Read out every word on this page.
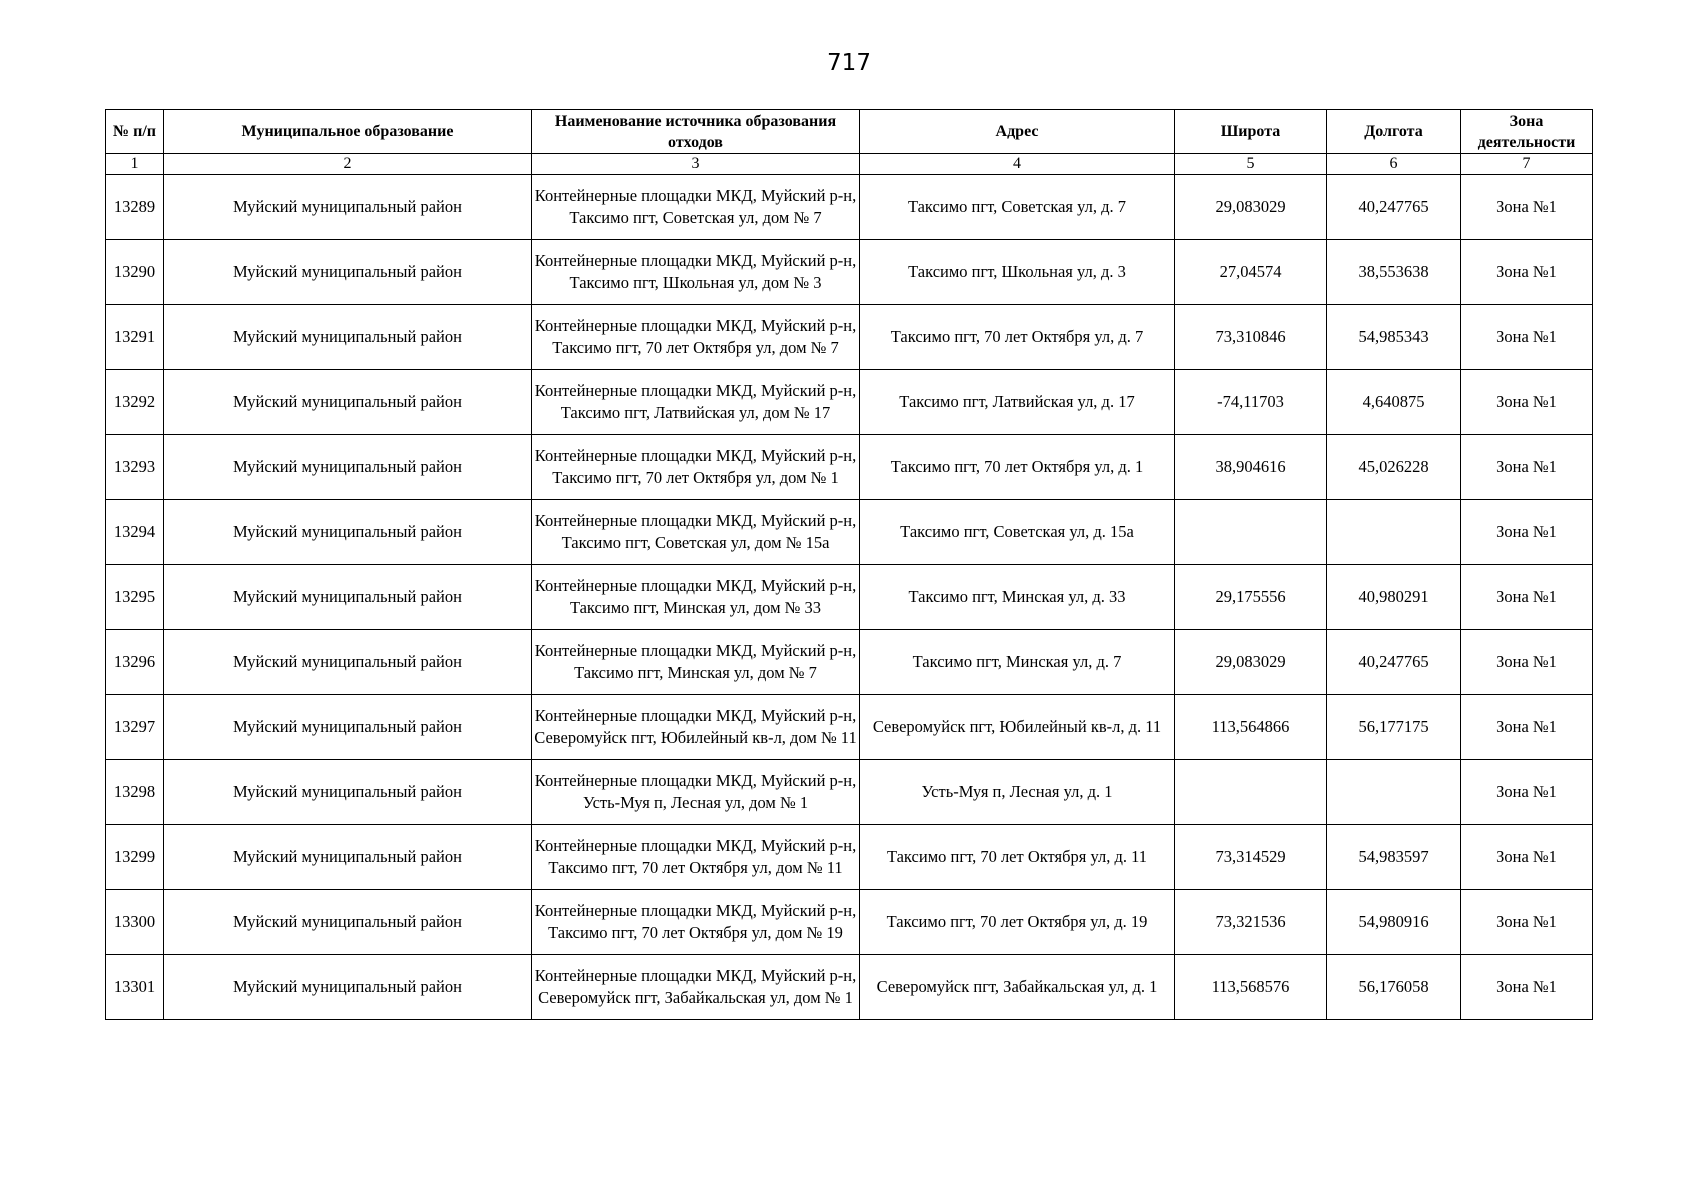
717
№ п/п	Муниципальное образование	Наименование источника образования отходов	Адрес	Широта	Долгота	Зона деятельности
1	2	3	4	5	6	7
13289	Муйский муниципальный район	Контейнерные площадки МКД, Муйский р-н, Таксимо пгт, Советская ул, дом № 7	Таксимо пгт, Советская ул, д. 7	29,083029	40,247765	Зона №1
13290	Муйский муниципальный район	Контейнерные площадки МКД, Муйский р-н, Таксимо пгт, Школьная ул, дом № 3	Таксимо пгт, Школьная ул, д. 3	27,04574	38,553638	Зона №1
13291	Муйский муниципальный район	Контейнерные площадки МКД, Муйский р-н, Таксимо пгт, 70 лет Октября ул, дом № 7	Таксимо пгт, 70 лет Октября ул, д. 7	73,310846	54,985343	Зона №1
13292	Муйский муниципальный район	Контейнерные площадки МКД, Муйский р-н, Таксимо пгт, Латвийская ул, дом № 17	Таксимо пгт, Латвийская ул, д. 17	-74,11703	4,640875	Зона №1
13293	Муйский муниципальный район	Контейнерные площадки МКД, Муйский р-н, Таксимо пгт, 70 лет Октября ул, дом № 1	Таксимо пгт, 70 лет Октября ул, д. 1	38,904616	45,026228	Зона №1
13294	Муйский муниципальный район	Контейнерные площадки МКД, Муйский р-н, Таксимо пгт, Советская ул, дом № 15а	Таксимо пгт, Советская ул, д. 15а			Зона №1
13295	Муйский муниципальный район	Контейнерные площадки МКД, Муйский р-н, Таксимо пгт, Минская ул, дом № 33	Таксимо пгт, Минская ул, д. 33	29,175556	40,980291	Зона №1
13296	Муйский муниципальный район	Контейнерные площадки МКД, Муйский р-н, Таксимо пгт, Минская ул, дом № 7	Таксимо пгт, Минская ул, д. 7	29,083029	40,247765	Зона №1
13297	Муйский муниципальный район	Контейнерные площадки МКД, Муйский р-н, Северомуйск пгт, Юбилейный кв-л, дом № 11	Северомуйск пгт, Юбилейный кв-л, д. 11	113,564866	56,177175	Зона №1
13298	Муйский муниципальный район	Контейнерные площадки МКД, Муйский р-н, Усть-Муя п, Лесная ул, дом № 1	Усть-Муя п, Лесная ул, д. 1			Зона №1
13299	Муйский муниципальный район	Контейнерные площадки МКД, Муйский р-н, Таксимо пгт, 70 лет Октября ул, дом № 11	Таксимо пгт, 70 лет Октября ул, д. 11	73,314529	54,983597	Зона №1
13300	Муйский муниципальный район	Контейнерные площадки МКД, Муйский р-н, Таксимо пгт, 70 лет Октября ул, дом № 19	Таксимо пгт, 70 лет Октября ул, д. 19	73,321536	54,980916	Зона №1
13301	Муйский муниципальный район	Контейнерные площадки МКД, Муйский р-н, Северомуйск пгт, Забайкальская ул, дом № 1	Северомуйск пгт, Забайкальская ул, д. 1	113,568576	56,176058	Зона №1
